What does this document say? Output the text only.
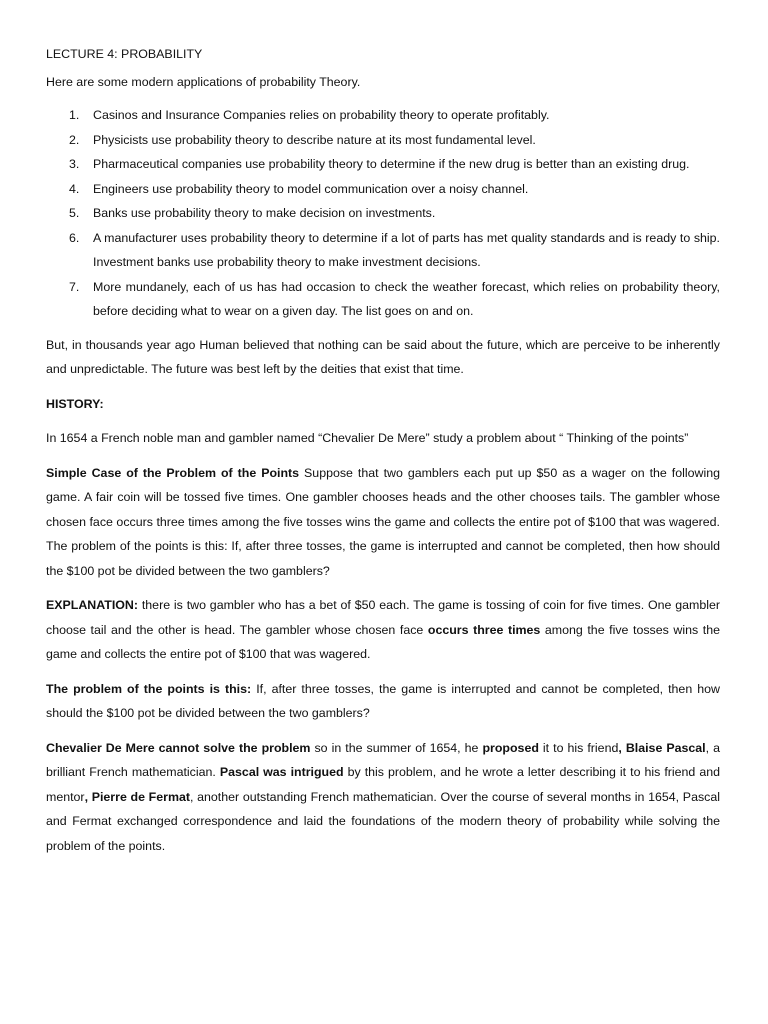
LECTURE 4: PROBABILITY

Here are some modern applications of probability Theory.

1. Casinos and Insurance Companies relies on probability theory to operate profitably.
2. Physicists use probability theory to describe nature at its most fundamental level.
3. Pharmaceutical companies use probability theory to determine if the new drug is better than an existing drug.
4. Engineers use probability theory to model communication over a noisy channel.
5. Banks use probability theory to make decision on investments.
6. A manufacturer uses probability theory to determine if a lot of parts has met quality standards and is ready to ship. Investment banks use probability theory to make investment decisions.
7. More mundanely, each of us has had occasion to check the weather forecast, which relies on probability theory, before deciding what to wear on a given day. The list goes on and on.

But, in thousands year ago Human believed that nothing can be said about the future, which are perceive to be inherently and unpredictable. The future was best left by the deities that exist that time.

HISTORY:

In 1654 a French noble man and gambler named “Chevalier De Mere” study a problem about “ Thinking of the points”

Simple Case of the Problem of the Points Suppose that two gamblers each put up $50 as a wager on the following game. A fair coin will be tossed five times. One gambler chooses heads and the other chooses tails. The gambler whose chosen face occurs three times among the five tosses wins the game and collects the entire pot of $100 that was wagered. The problem of the points is this: If, after three tosses, the game is interrupted and cannot be completed, then how should the $100 pot be divided between the two gamblers?

EXPLANATION: there is two gambler who has a bet of $50 each. The game is tossing of coin for five times. One gambler choose tail and the other is head. The gambler whose chosen face occurs three times among the five tosses wins the game and collects the entire pot of $100 that was wagered.

The problem of the points is this: If, after three tosses, the game is interrupted and cannot be completed, then how should the $100 pot be divided between the two gamblers?

Chevalier De Mere cannot solve the problem so in the summer of 1654, he proposed it to his friend, Blaise Pascal, a brilliant French mathematician. Pascal was intrigued by this problem, and he wrote a letter describing it to his friend and mentor, Pierre de Fermat, another outstanding French mathematician. Over the course of several months in 1654, Pascal and Fermat exchanged correspondence and laid the foundations of the modern theory of probability while solving the problem of the points.
